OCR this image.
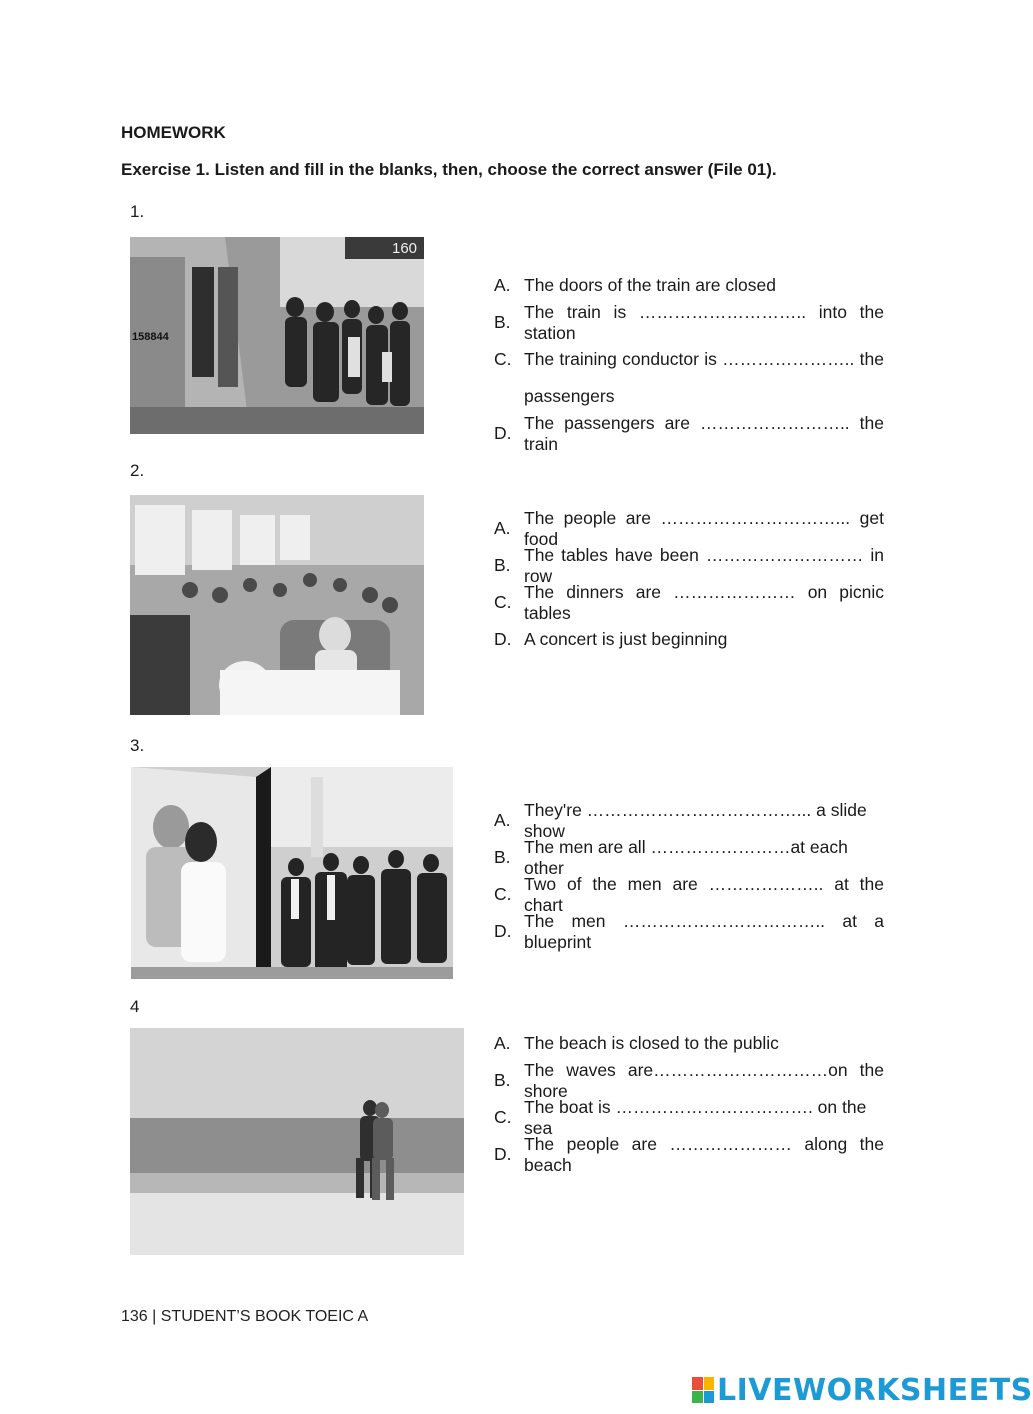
HOMEWORK
Exercise 1. Listen and fill in the blanks, then, choose the correct answer (File 01).
1.
160
158844
A. The doors of the train are closed
B.
The train is ……………………….. into the station
C. The training conductor is ………………….. the
passengers
D.
The passengers are …………………….. the train
2.
A.
The people are …………………………... get food
B.
The tables have been ……………………… in row
C.
The dinners are ………………… on picnic tables
D. A concert is just beginning
3.
A.
They're ………………………………... a slide show
B.
The men are all ……………………at each other
C.
Two of the men are ……………….. at the chart
D.
The men …………………………….. at a blueprint
4
A. The beach is closed to the public
B.
The waves are…………………………on the shore
C.
The boat is ……………………………. on the sea
D.
The people are ………………… along the beach
136 | STUDENT’S BOOK TOEIC A
LIVEWORKSHEETS
